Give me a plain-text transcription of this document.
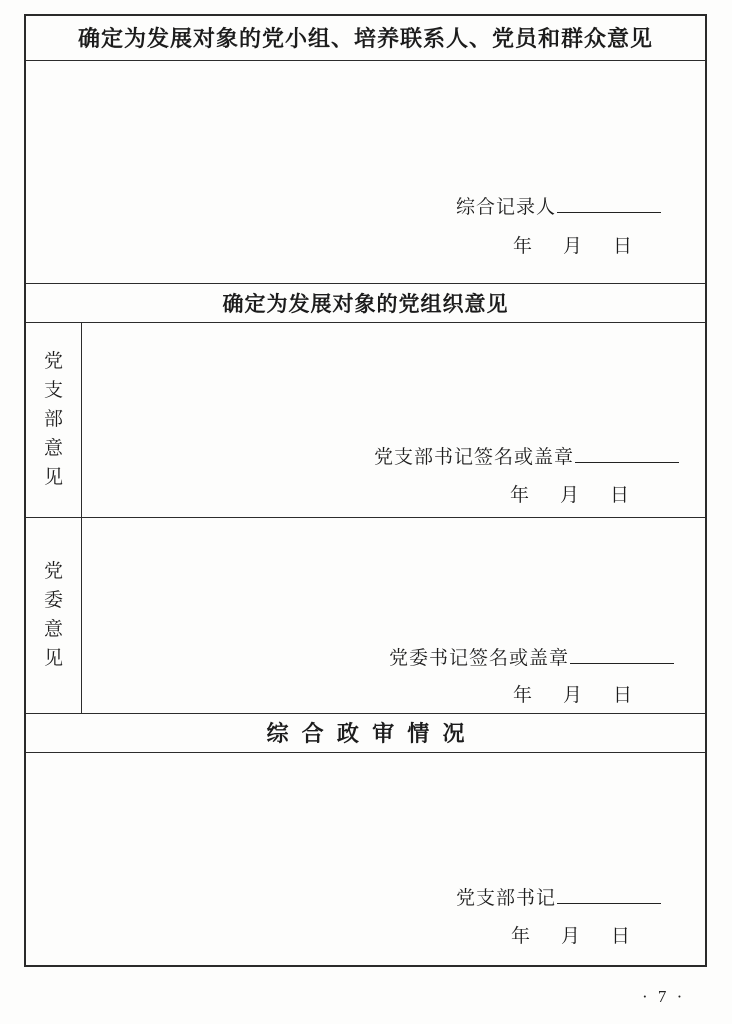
确定为发展对象的党小组、培养联系人、党员和群众意见
综合记录人
年 月 日
确定为发展对象的党组织意见
党支部意见
党支部书记签名或盖章
年 月 日
党委意见	党委书记签名或盖章
年 月 日
综合政审情况
党支部书记
年 月 日
· 7 ·
